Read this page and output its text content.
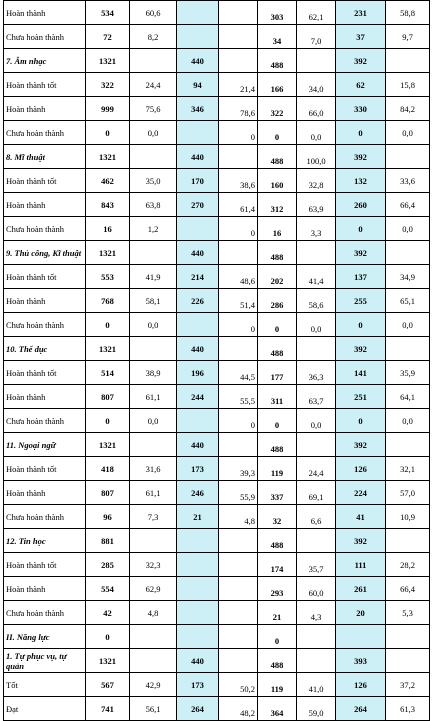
Hoàn thành	534	60,6			303	62,1	231	58,8
Chưa hoàn thành	72	8,2			34	7,0	37	9,7
7. Âm nhạc	1321		440		488		392	
Hoàn thành tốt	322	24,4	94	21,4	166	34,0	62	15,8
Hoàn thành	999	75,6	346	78,6	322	66,0	330	84,2
Chưa hoàn thành	0	0,0		0	0	0,0	0	0,0
8. Mĩ thuật	1321		440		488	100,0	392	
Hoàn thành tốt	462	35,0	170	38,6	160	32,8	132	33,6
Hoàn thành	843	63,8	270	61,4	312	63,9	260	66,4
Chưa hoàn thành	16	1,2		0	16	3,3	0	0,0
9. Thủ công, Kĩ thuật	1321		440		488		392	
Hoàn thành tốt	553	41,9	214	48,6	202	41,4	137	34,9
Hoàn thành	768	58,1	226	51,4	286	58,6	255	65,1
Chưa hoàn thành	0	0,0		0	0	0,0	0	0,0
10. Thể dục	1321		440		488		392	
Hoàn thành tốt	514	38,9	196	44,5	177	36,3	141	35,9
Hoàn thành	807	61,1	244	55,5	311	63,7	251	64,1
Chưa hoàn thành	0	0,0		0	0	0,0	0	0,0
11. Ngoại ngữ	1321		440		488		392	
Hoàn thành tốt	418	31,6	173	39,3	119	24,4	126	32,1
Hoàn thành	807	61,1	246	55,9	337	69,1	224	57,0
Chưa hoàn thành	96	7,3	21	4,8	32	6,6	41	10,9
12. Tin học	881				488		392	
Hoàn thành tốt	285	32,3			174	35,7	111	28,2
Hoàn thành	554	62,9			293	60,0	261	66,4
Chưa hoàn thành	42	4,8			21	4,3	20	5,3
II. Năng lực	0				0			
1. Tự phục vụ, tự quản	1321		440		488		393	
Tốt	567	42,9	173	50,2	119	41,0	126	37,2
Đạt	741	56,1	264	48,2	364	59,0	264	61,3
